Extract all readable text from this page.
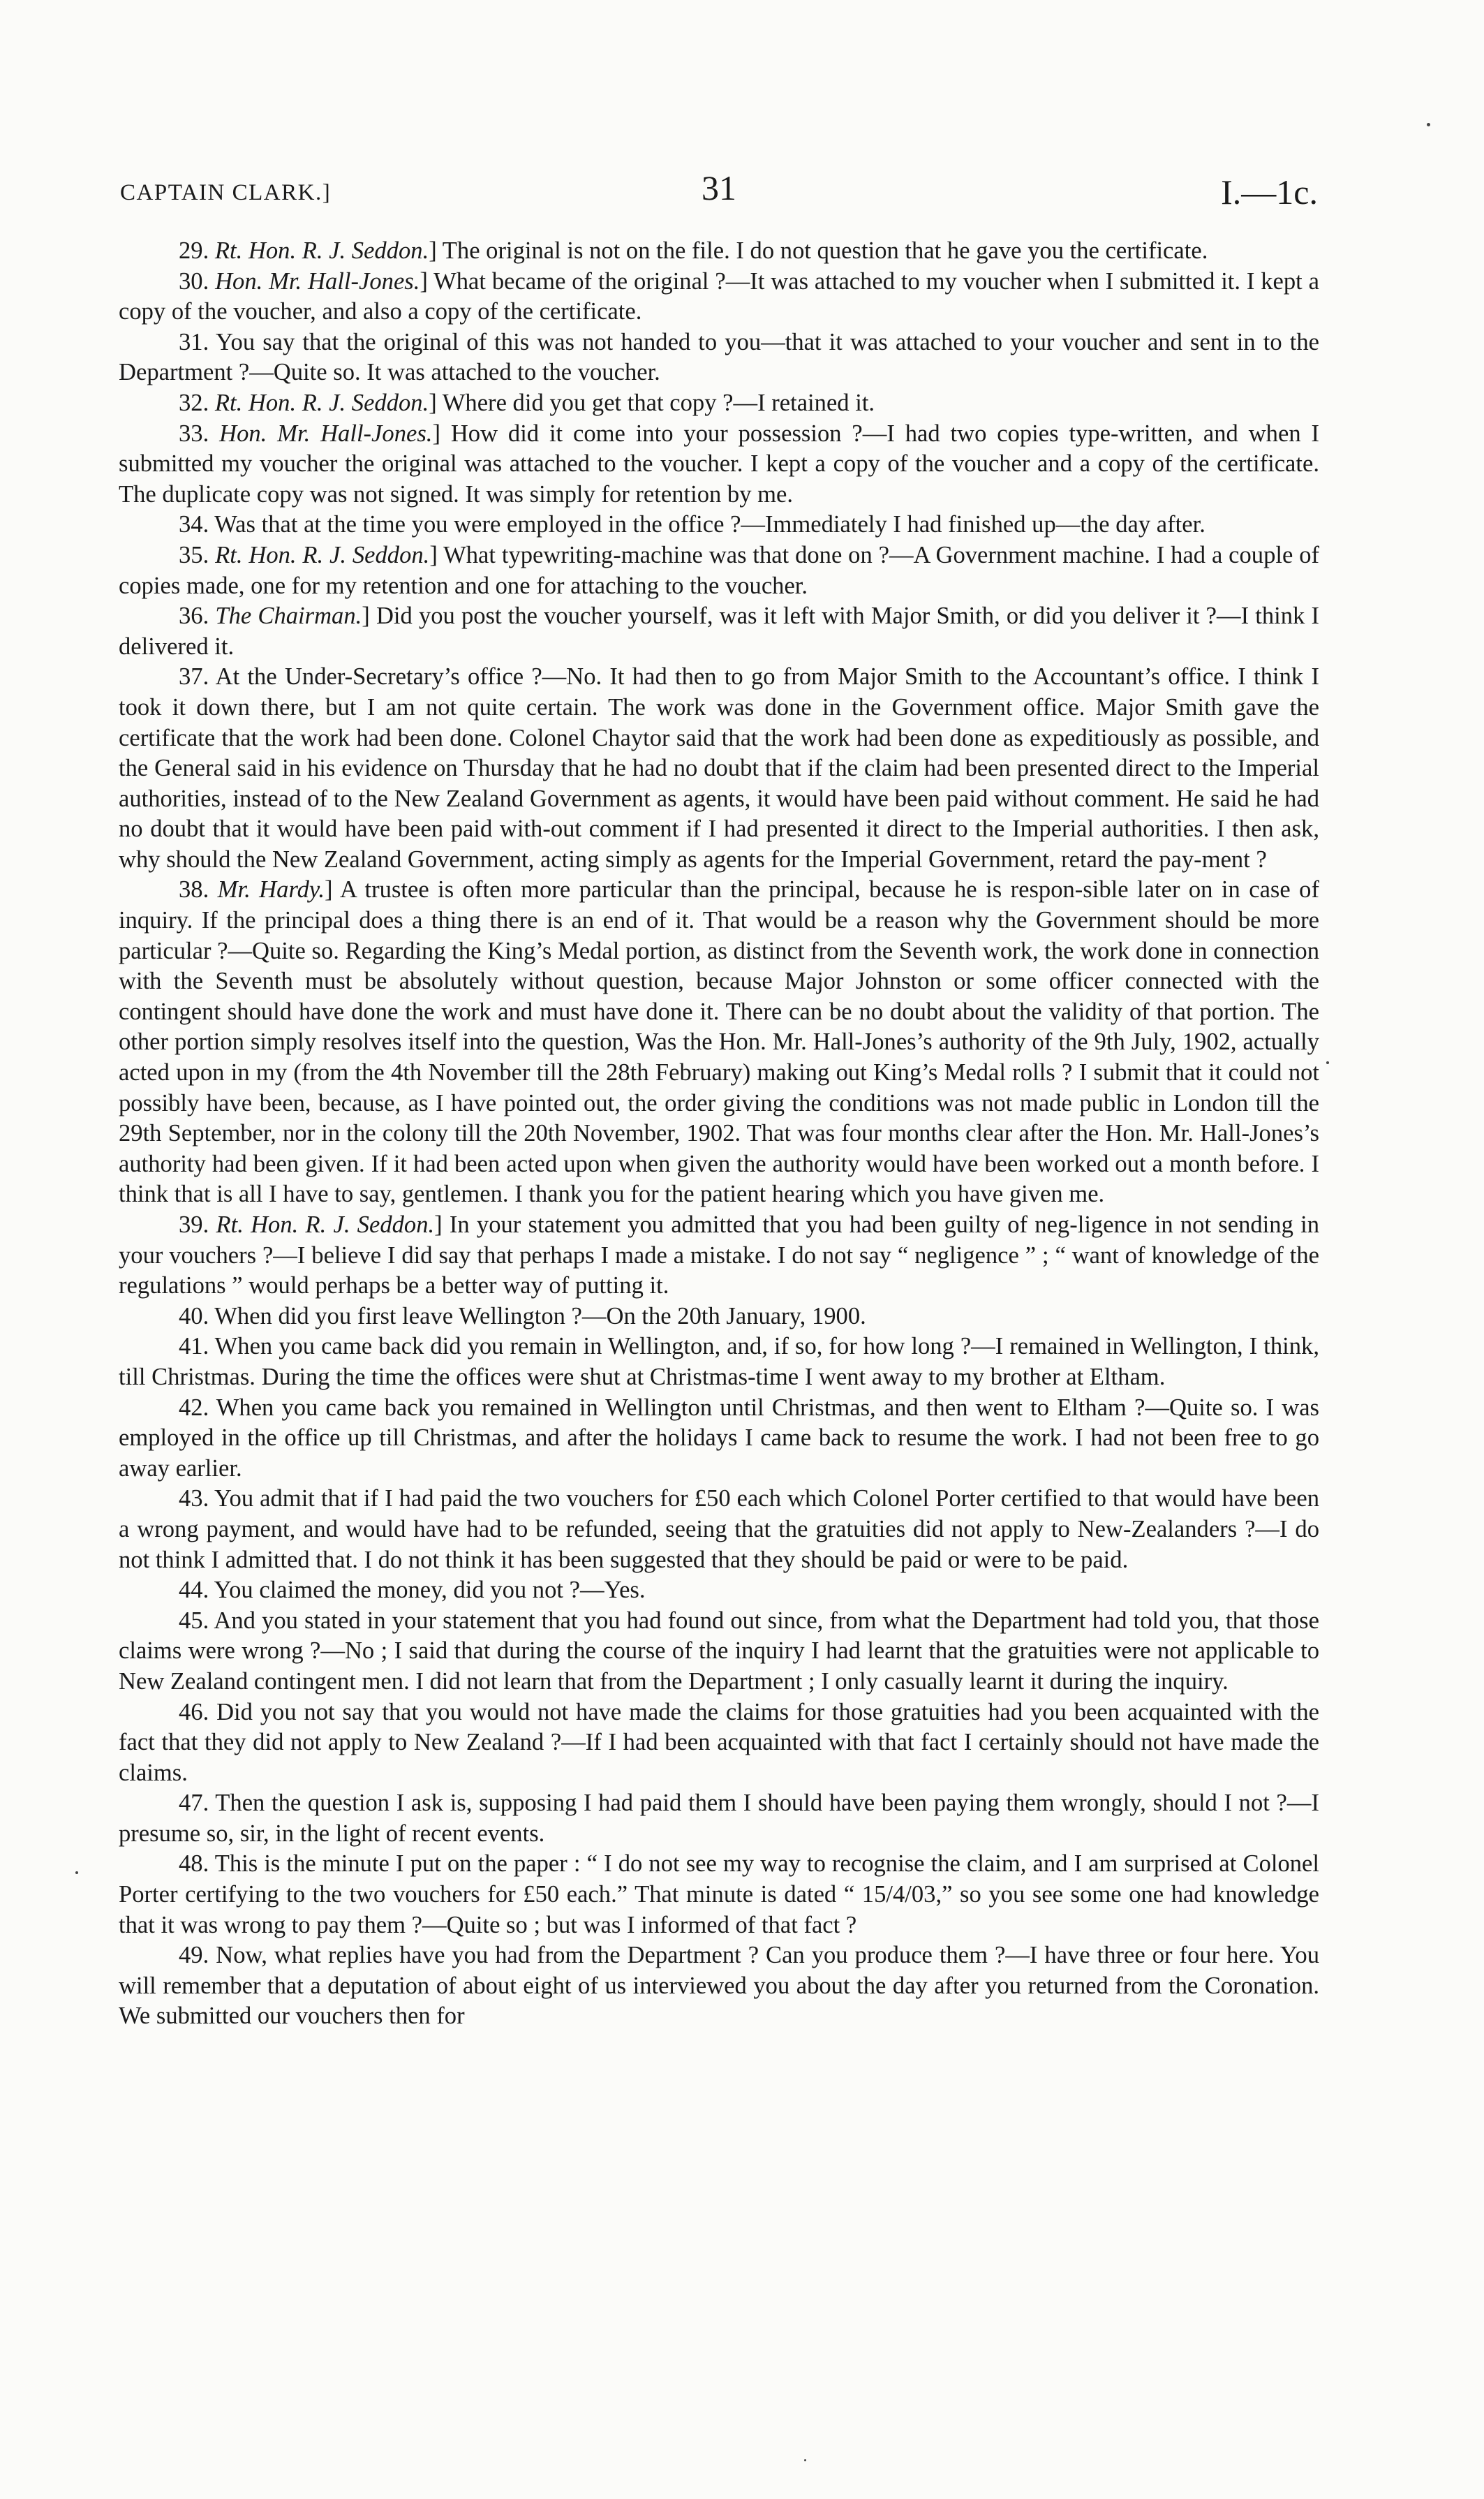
CAPTAIN CLARK.]	31	I.—1c.

29. Rt. Hon. R. J. Seddon.] The original is not on the file. I do not question that he gave you the certificate.

30. Hon. Mr. Hall-Jones.] What became of the original ?—It was attached to my voucher when I submitted it. I kept a copy of the voucher, and also a copy of the certificate.

31. You say that the original of this was not handed to you—that it was attached to your voucher and sent in to the Department ?—Quite so. It was attached to the voucher.

32. Rt. Hon. R. J. Seddon.] Where did you get that copy ?—I retained it.

33. Hon. Mr. Hall-Jones.] How did it come into your possession ?—I had two copies type-written, and when I submitted my voucher the original was attached to the voucher. I kept a copy of the voucher and a copy of the certificate. The duplicate copy was not signed. It was simply for retention by me.

34. Was that at the time you were employed in the office ?—Immediately I had finished up—the day after.

35. Rt. Hon. R. J. Seddon.] What typewriting-machine was that done on ?—A Government machine. I had a couple of copies made, one for my retention and one for attaching to the voucher.

36. The Chairman.] Did you post the voucher yourself, was it left with Major Smith, or did you deliver it ?—I think I delivered it.

37. At the Under-Secretary’s office ?—No. It had then to go from Major Smith to the Accountant’s office. I think I took it down there, but I am not quite certain. The work was done in the Government office. Major Smith gave the certificate that the work had been done. Colonel Chaytor said that the work had been done as expeditiously as possible, and the General said in his evidence on Thursday that he had no doubt that if the claim had been presented direct to the Imperial authorities, instead of to the New Zealand Government as agents, it would have been paid without comment. He said he had no doubt that it would have been paid with-out comment if I had presented it direct to the Imperial authorities. I then ask, why should the New Zealand Government, acting simply as agents for the Imperial Government, retard the pay-ment ?

38. Mr. Hardy.] A trustee is often more particular than the principal, because he is respon-sible later on in case of inquiry. If the principal does a thing there is an end of it. That would be a reason why the Government should be more particular ?—Quite so. Regarding the King’s Medal portion, as distinct from the Seventh work, the work done in connection with the Seventh must be absolutely without question, because Major Johnston or some officer connected with the contingent should have done the work and must have done it. There can be no doubt about the validity of that portion. The other portion simply resolves itself into the question, Was the Hon. Mr. Hall-Jones’s authority of the 9th July, 1902, actually acted upon in my (from the 4th November till the 28th February) making out King’s Medal rolls ? I submit that it could not possibly have been, because, as I have pointed out, the order giving the conditions was not made public in London till the 29th September, nor in the colony till the 20th November, 1902. That was four months clear after the Hon. Mr. Hall-Jones’s authority had been given. If it had been acted upon when given the authority would have been worked out a month before. I think that is all I have to say, gentlemen. I thank you for the patient hearing which you have given me.

39. Rt. Hon. R. J. Seddon.] In your statement you admitted that you had been guilty of neg-ligence in not sending in your vouchers ?—I believe I did say that perhaps I made a mistake. I do not say “ negligence ” ; “ want of knowledge of the regulations ” would perhaps be a better way of putting it.

40. When did you first leave Wellington ?—On the 20th January, 1900.

41. When you came back did you remain in Wellington, and, if so, for how long ?—I remained in Wellington, I think, till Christmas. During the time the offices were shut at Christmas-time I went away to my brother at Eltham.

42. When you came back you remained in Wellington until Christmas, and then went to Eltham ?—Quite so. I was employed in the office up till Christmas, and after the holidays I came back to resume the work. I had not been free to go away earlier.

43. You admit that if I had paid the two vouchers for £50 each which Colonel Porter certified to that would have been a wrong payment, and would have had to be refunded, seeing that the gratuities did not apply to New-Zealanders ?—I do not think I admitted that. I do not think it has been suggested that they should be paid or were to be paid.

44. You claimed the money, did you not ?—Yes.

45. And you stated in your statement that you had found out since, from what the Department had told you, that those claims were wrong ?—No ; I said that during the course of the inquiry I had learnt that the gratuities were not applicable to New Zealand contingent men. I did not learn that from the Department ; I only casually learnt it during the inquiry.

46. Did you not say that you would not have made the claims for those gratuities had you been acquainted with the fact that they did not apply to New Zealand ?—If I had been acquainted with that fact I certainly should not have made the claims.

47. Then the question I ask is, supposing I had paid them I should have been paying them wrongly, should I not ?—I presume so, sir, in the light of recent events.

48. This is the minute I put on the paper : “ I do not see my way to recognise the claim, and I am surprised at Colonel Porter certifying to the two vouchers for £50 each.” That minute is dated “ 15/4/03,” so you see some one had knowledge that it was wrong to pay them ?—Quite so ; but was I informed of that fact ?

49. Now, what replies have you had from the Department ? Can you produce them ?—I have three or four here. You will remember that a deputation of about eight of us interviewed you about the day after you returned from the Coronation. We submitted our vouchers then for
